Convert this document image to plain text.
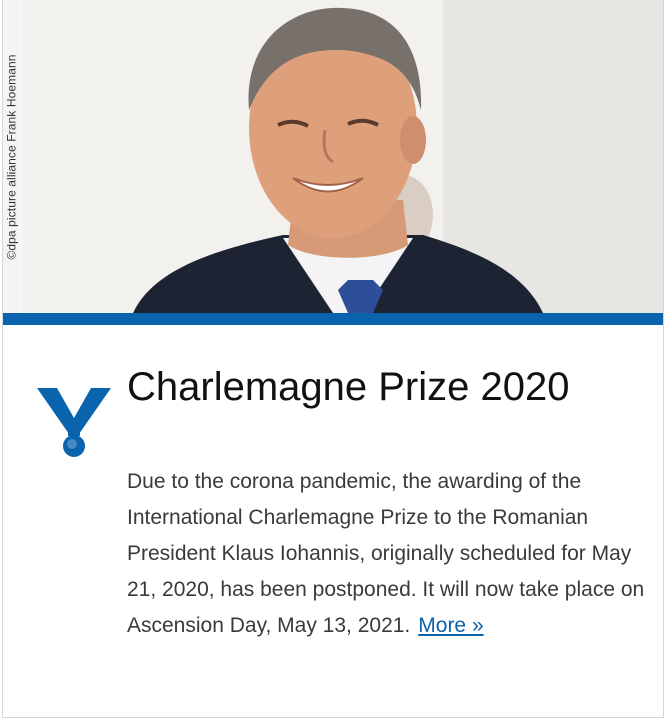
©dpa picture alliance Frank Hoemann
Charlemagne Prize 2020

Due to the corona pandemic, the awarding of the International Charlemagne Prize to the Romanian President Klaus Iohannis, originally scheduled for May 21, 2020, has been postponed. It will now take place on Ascension Day, May 13, 2021. More »
